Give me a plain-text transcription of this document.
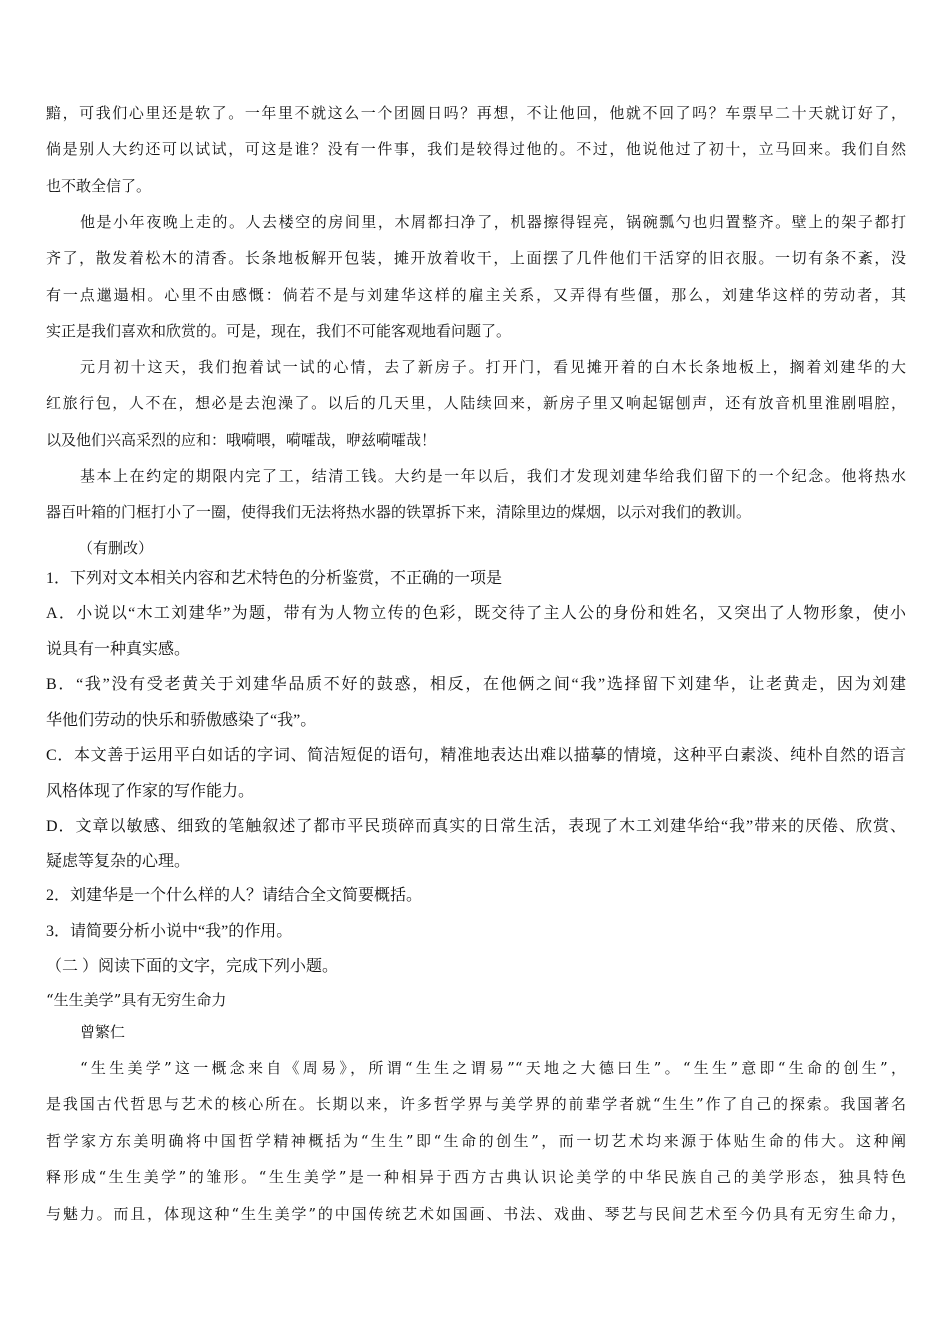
黯，可我们心里还是软了。一年里不就这么一个团圆日吗？再想，不让他回，他就不回了吗？车票早二十天就订好了，

倘是别人大约还可以试试，可这是谁？没有一件事，我们是较得过他的。不过，他说他过了初十，立马回来。我们自然

也不敢全信了。

他是小年夜晚上走的。人去楼空的房间里，木屑都扫净了，机器擦得锃亮，锅碗瓢勺也归置整齐。壁上的架子都打

齐了，散发着松木的清香。长条地板解开包装，摊开放着收干，上面摆了几件他们干活穿的旧衣服。一切有条不紊，没

有一点邋遢相。心里不由感慨：倘若不是与刘建华这样的雇主关系，又弄得有些僵，那么，刘建华这样的劳动者，其

实正是我们喜欢和欣赏的。可是，现在，我们不可能客观地看问题了。

元月初十这天，我们抱着试一试的心情，去了新房子。打开门，看见摊开着的白木长条地板上，搁着刘建华的大

红旅行包，人不在，想必是去泡澡了。以后的几天里，人陆续回来，新房子里又响起锯刨声，还有放音机里淮剧唱腔，

以及他们兴高采烈的应和：哦嗬喂，嗬嚯哉，咿兹嗬嚯哉！

基本上在约定的期限内完了工，结清工钱。大约是一年以后，我们才发现刘建华给我们留下的一个纪念。他将热水

器百叶箱的门框打小了一圈，使得我们无法将热水器的铁罩拆下来，清除里边的煤烟，以示对我们的教训。

（有删改）

1．下列对文本相关内容和艺术特色的分析鉴赏，不正确的一项是

A．小说以“木工刘建华”为题，带有为人物立传的色彩，既交待了主人公的身份和姓名，又突出了人物形象，使小

说具有一种真实感。

B．“我”没有受老黄关于刘建华品质不好的鼓惑，相反，在他俩之间“我”选择留下刘建华，让老黄走，因为刘建

华他们劳动的快乐和骄傲感染了“我”。

C．本文善于运用平白如话的字词、简洁短促的语句，精准地表达出难以描摹的情境，这种平白素淡、纯朴自然的语言

风格体现了作家的写作能力。

D．文章以敏感、细致的笔触叙述了都市平民琐碎而真实的日常生活，表现了木工刘建华给“我”带来的厌倦、欣赏、

疑虑等复杂的心理。

2．刘建华是一个什么样的人？请结合全文简要概括。

3．请简要分析小说中“我”的作用。

（二 ）阅读下面的文字，完成下列小题。

“生生美学”具有无穷生命力

曾繁仁

“生生美学”这一概念来自《周易》，所谓“生生之谓易”“天地之大德曰生”。“生生”意即“生命的创生”，

是我国古代哲思与艺术的核心所在。长期以来，许多哲学界与美学界的前辈学者就“生生”作了自己的探索。我国著名

哲学家方东美明确将中国哲学精神概括为“生生”即“生命的创生”，而一切艺术均来源于体贴生命的伟大。这种阐

释形成“生生美学”的雏形。“生生美学”是一种相异于西方古典认识论美学的中华民族自己的美学形态，独具特色

与魅力。而且，体现这种“生生美学”的中国传统艺术如国画、书法、戏曲、琴艺与民间艺术至今仍具有无穷生命力，
